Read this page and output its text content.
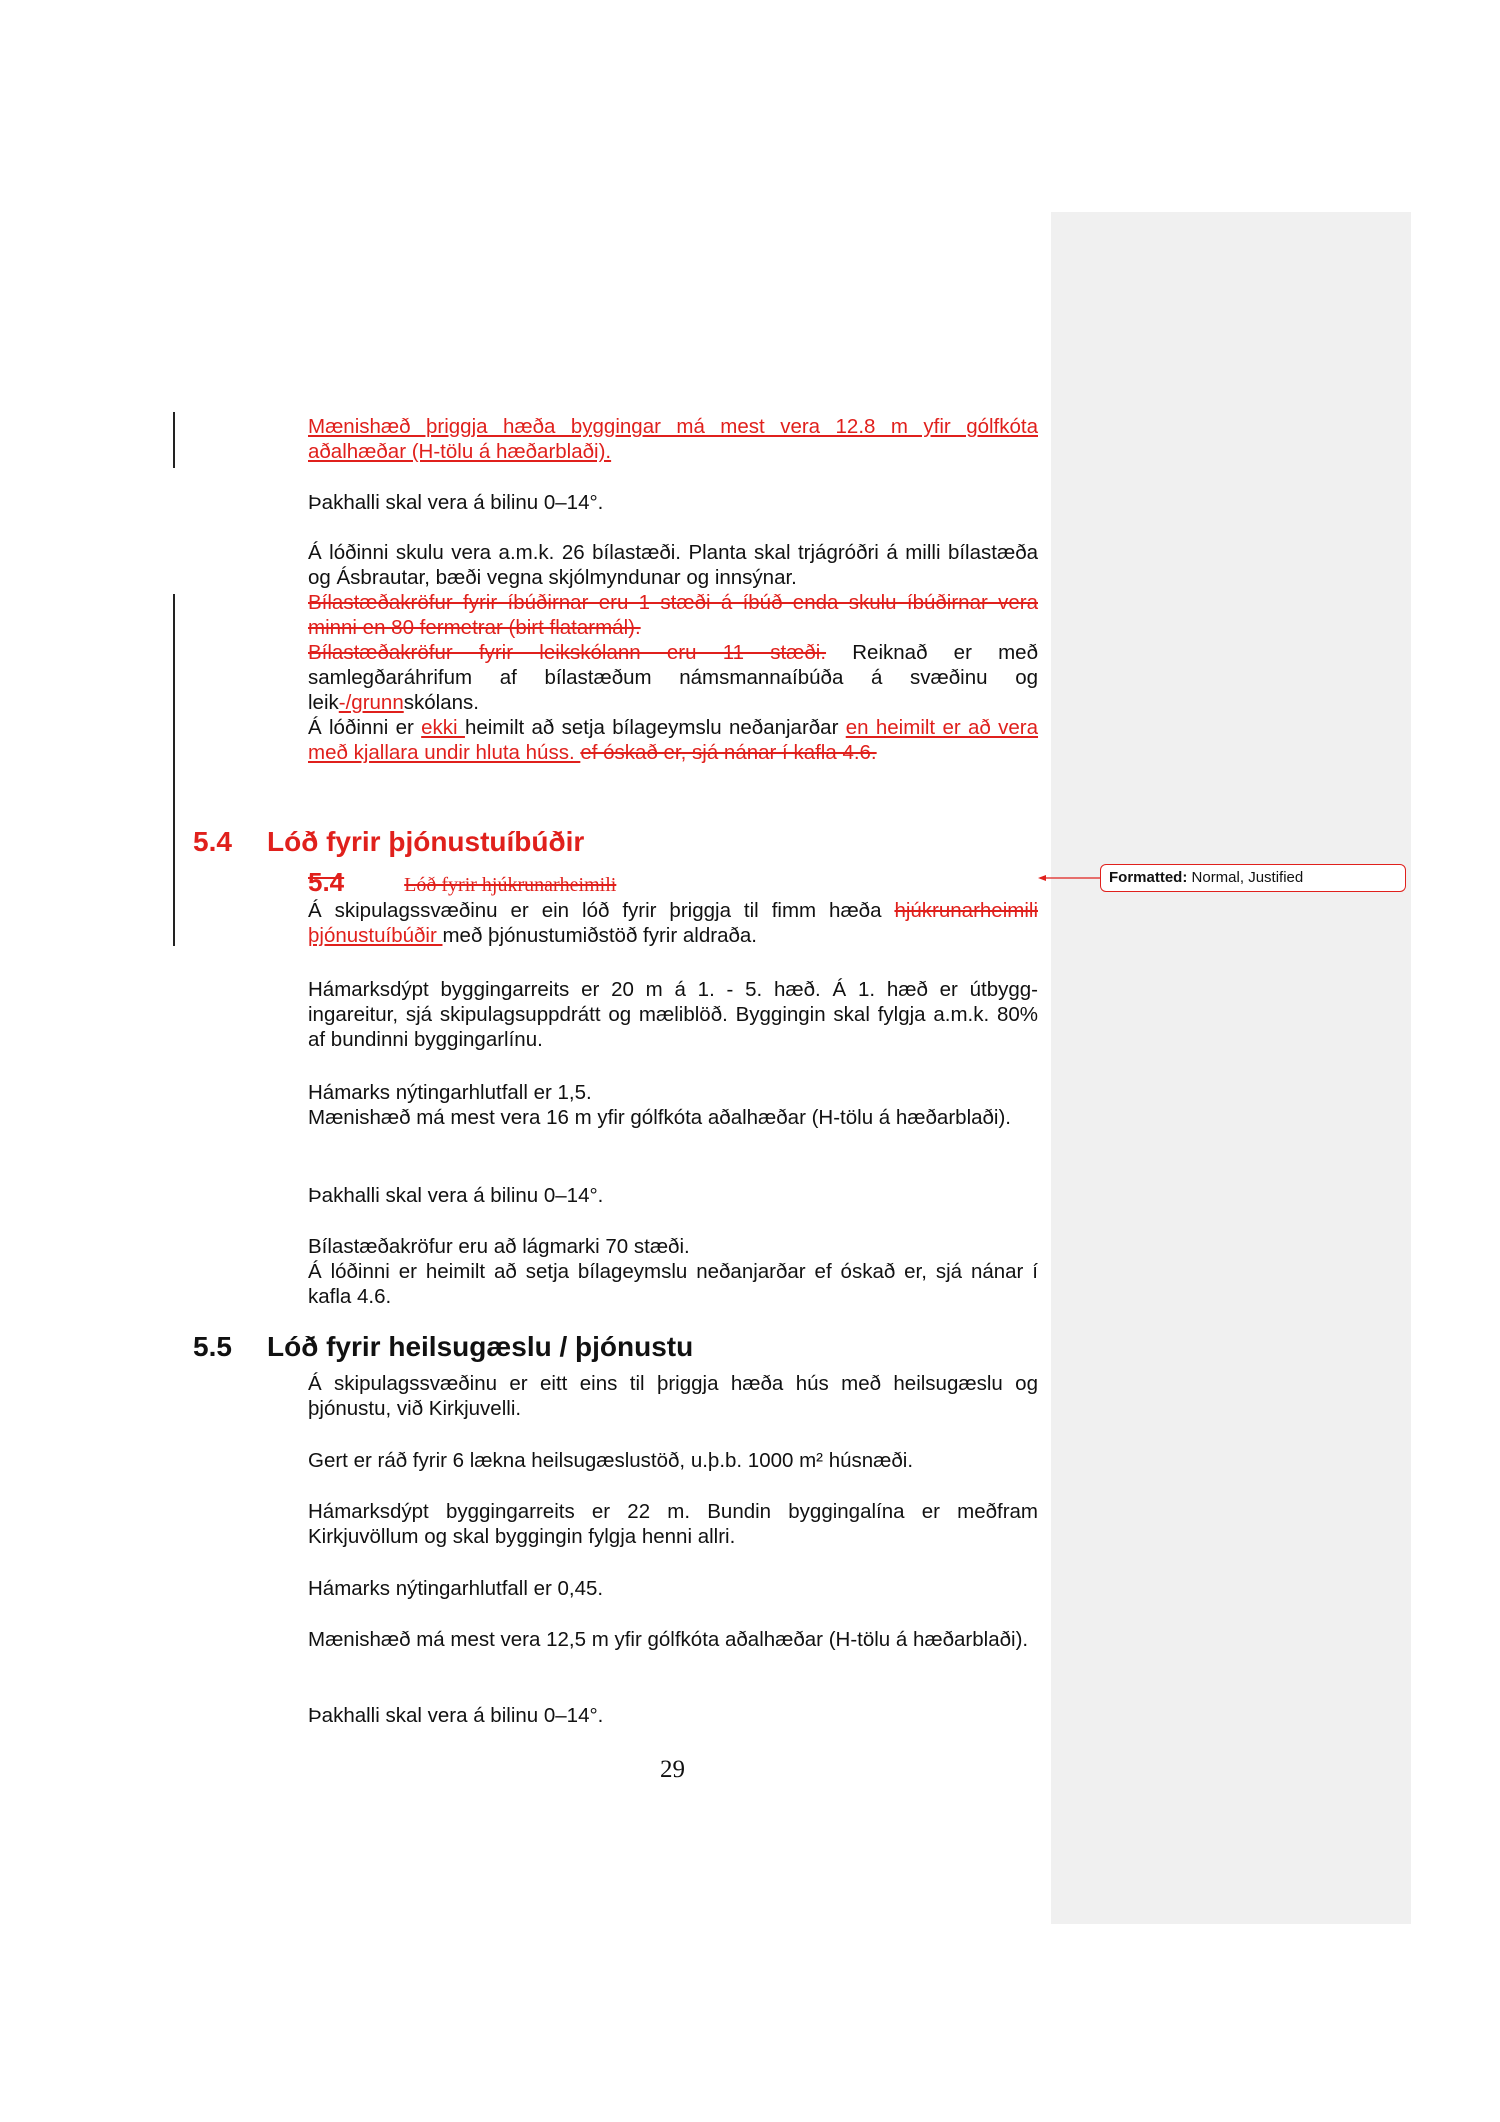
Mænishæð þriggja hæða byggingar má mest vera 12.8 m yfir gólfkóta aðalhæðar (H-tölu á hæðarblaði).

Þakhalli skal vera á bilinu 0–14°.

Á lóðinni skulu vera a.m.k. 26 bílastæði. Planta skal trjágróðri á milli bílastæða og Ásbrautar, bæði vegna skjólmyndunar og innsýnar.

Bílastæðakröfur fyrir íbúðirnar eru 1 stæði á íbúð enda skulu íbúðirnar vera minni en 80 fermetrar (birt flatarmál).

Bílastæðakröfur fyrir leikskólann eru 11 stæði. Reiknað er með samlegðaráhrifum af bílastæðum námsmannaíbúða á svæðinu og leik-/grunnskólans.

Á lóðinni er ekki heimilt að setja bílageymslu neðanjarðar en heimilt er að vera með kjallara undir hluta húss. ef óskað er, sjá nánar í kafla 4.6.

5.4 Lóð fyrir þjónustuíbúðir

5.4	Lóð fyrir hjúkrunarheimili

Á skipulagssvæðinu er ein lóð fyrir þriggja til fimm hæða hjúkrunarheimili þjónustuíbúðir með þjónustumiðstöð fyrir aldraða.

Hámarksdýpt byggingarreits er 20 m á 1. - 5. hæð. Á 1. hæð er útbygg-ingareitur, sjá skipulagsuppdrátt og mæliblöð. Byggingin skal fylgja a.m.k. 80% af bundinni byggingarlínu.

Hámarks nýtingarhlutfall er 1,5.

Mænishæð má mest vera 16 m yfir gólfkóta aðalhæðar (H-tölu á hæðarblaði).

Þakhalli skal vera á bilinu 0–14°.

Bílastæðakröfur eru að lágmarki 70 stæði.

Á lóðinni er heimilt að setja bílageymslu neðanjarðar ef óskað er, sjá nánar í kafla 4.6.

5.5 Lóð fyrir heilsugæslu / þjónustu

Á skipulagssvæðinu er eitt eins til þriggja hæða hús með heilsugæslu og þjónustu, við Kirkjuvelli.

Gert er ráð fyrir 6 lækna heilsugæslustöð, u.þ.b. 1000 m² húsnæði.

Hámarksdýpt byggingarreits er 22 m. Bundin byggingalína er meðfram Kirkjuvöllum og skal byggingin fylgja henni allri.

Hámarks nýtingarhlutfall er 0,45.

Mænishæð má mest vera 12,5 m yfir gólfkóta aðalhæðar (H-tölu á hæðarblaði).

Þakhalli skal vera á bilinu 0–14°.

29
Formatted: Normal, Justified
